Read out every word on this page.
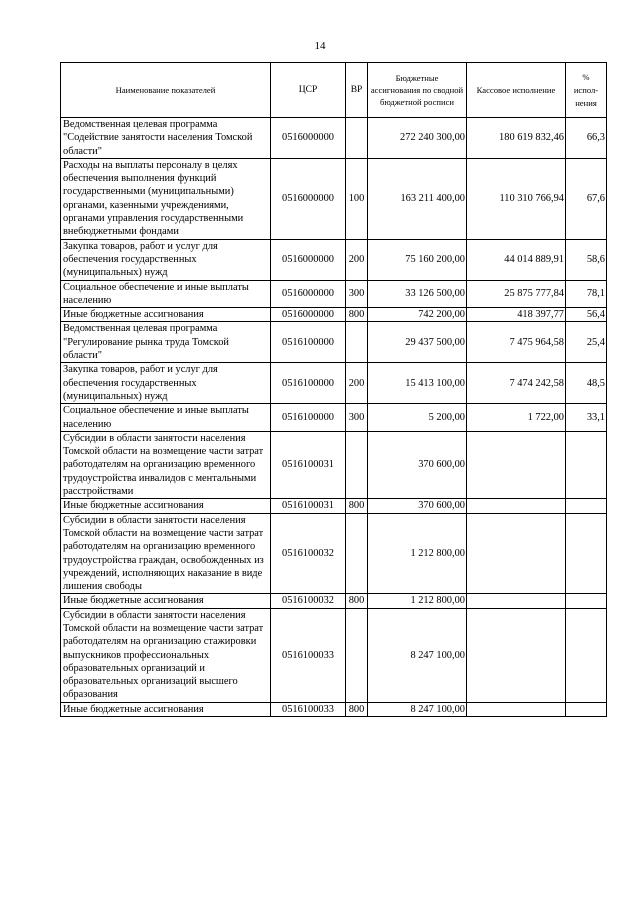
14
Наименование показателей	ЦСР	ВР	Бюджетные ассигнования по сводной бюджетной росписи	Кассовое исполнение	%
испол-
нения
Ведомственная целевая программа "Содействие занятости населения Томской области"	0516000000		272 240 300,00	180 619 832,46	66,3
Расходы на выплаты персоналу в целях обеспечения выполнения функций государственными (муниципальными) органами, казенными учреждениями, органами управления государственными внебюджетными фондами	0516000000	100	163 211 400,00	110 310 766,94	67,6
Закупка товаров, работ и услуг для обеспечения государственных (муниципальных) нужд	0516000000	200	75 160 200,00	44 014 889,91	58,6
Социальное обеспечение и иные выплаты населению	0516000000	300	33 126 500,00	25 875 777,84	78,1
Иные бюджетные ассигнования	0516000000	800	742 200,00	418 397,77	56,4
Ведомственная целевая программа "Регулирование рынка труда Томской области"	0516100000		29 437 500,00	7 475 964,58	25,4
Закупка товаров, работ и услуг для обеспечения государственных (муниципальных) нужд	0516100000	200	15 413 100,00	7 474 242,58	48,5
Социальное обеспечение и иные выплаты населению	0516100000	300	5 200,00	1 722,00	33,1
Субсидии в области занятости населения Томской области на возмещение части затрат работодателям на организацию временного трудоустройства инвалидов с ментальными расстройствами	0516100031		370 600,00		
Иные бюджетные ассигнования	0516100031	800	370 600,00		
Субсидии в области занятости населения Томской области на возмещение части затрат работодателям на организацию временного трудоустройства граждан, освобожденных из учреждений, исполняющих наказание в виде лишения свободы	0516100032		1 212 800,00		
Иные бюджетные ассигнования	0516100032	800	1 212 800,00		
Субсидии в области занятости населения Томской области на возмещение части затрат работодателям на организацию стажировки выпускников профессиональных образовательных организаций и образовательных организаций высшего образования	0516100033		8 247 100,00		
Иные бюджетные ассигнования	0516100033	800	8 247 100,00		
